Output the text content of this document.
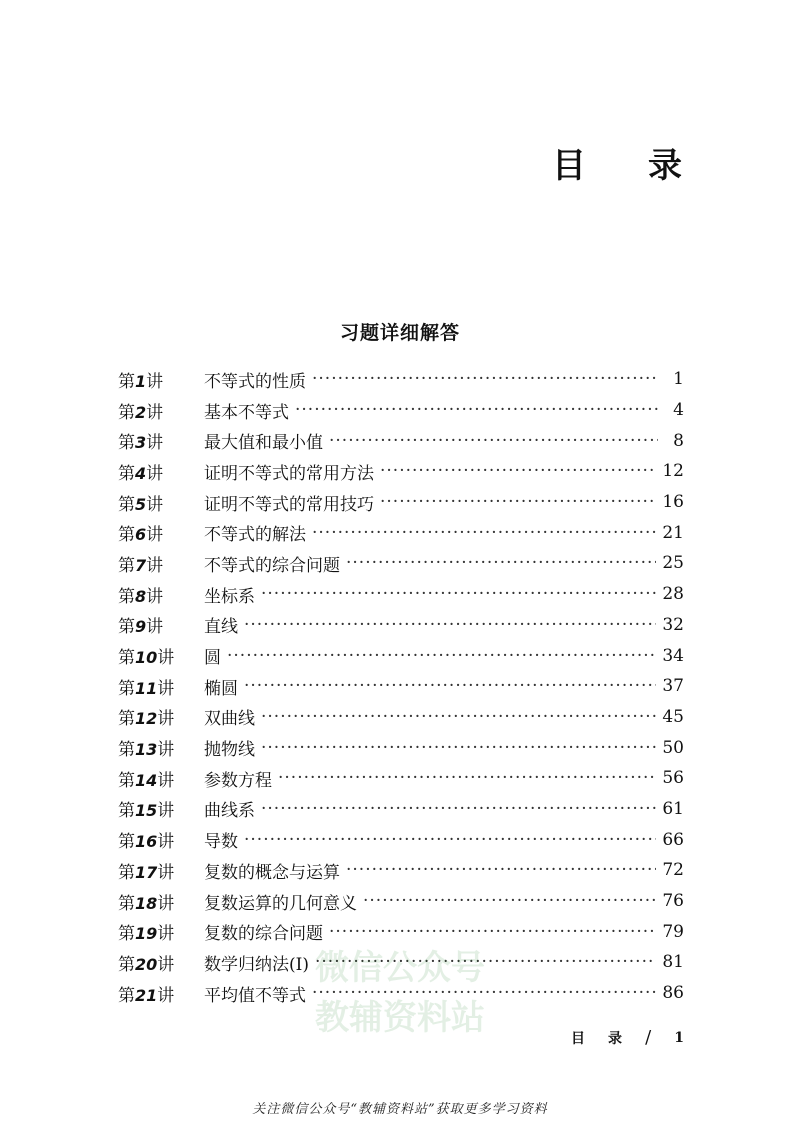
目 录
习题详细解答
第1讲	不等式的性质 ·····	1
第2讲	基本不等式 ·····	4
第3讲	最大值和最小值 ·····	8
第4讲	证明不等式的常用方法 ·····	12
第5讲	证明不等式的常用技巧 ·····	16
第6讲	不等式的解法 ·····	21
第7讲	不等式的综合问题 ·····	25
第8讲	坐标系 ·····	28
第9讲	直线 ·····	32
第10讲	圆 ·····	34
第11讲	椭圆 ·····	37
第12讲	双曲线 ·····	45
第13讲	抛物线 ·····	50
第14讲	参数方程 ·····	56
第15讲	曲线系 ·····	61
第16讲	导数 ·····	66
第17讲	复数的概念与运算 ·····	72
第18讲	复数运算的几何意义 ·····	76
第19讲	复数的综合问题 ·····	79
第20讲	数学归纳法(Ⅰ) ·····	81
第21讲	平均值不等式 ·····	86
微信公众号
教辅资料站
目 录 / 1
关注微信公众号“教辅资料站”获取更多学习资料
